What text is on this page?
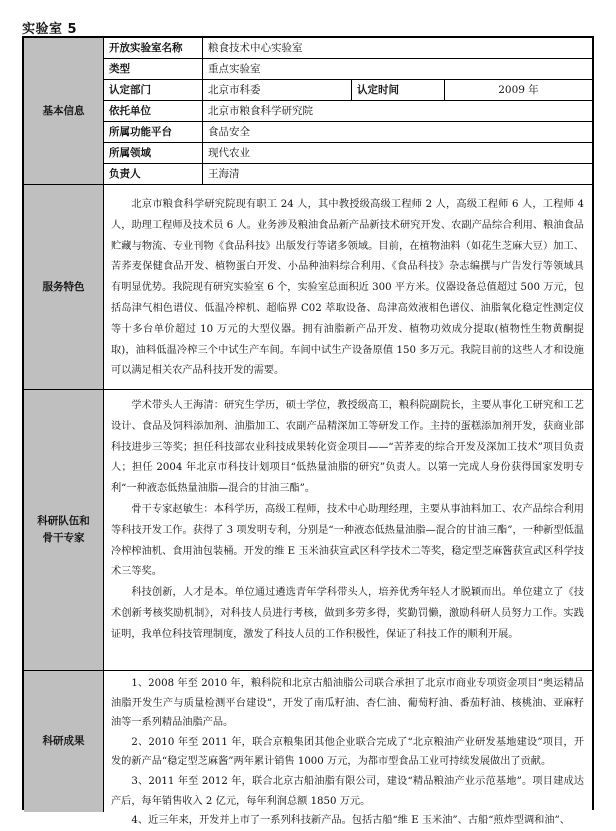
实验室 5
基本信息
开放实验室名称	粮食技术中心实验室
类型	重点实验室
认定部门	北京市科委	认定时间	2009 年
依托单位	北京市粮食科学研究院
所属功能平台	食品安全
所属领域	现代农业
负责人	王海清
服务特色

北京市粮食科学研究院现有职工 24 人，其中教授级高级工程师 2 人，高级工程师 6 人，工程师 4 人，助理工程师及技术员 6 人。业务涉及粮油食品新产品新技术研究开发、农副产品综合利用、粮油食品贮藏与物流、专业刊物《食品科技》出版发行等诸多领域。目前，在植物油料（如花生芝麻大豆）加工、苦荞麦保健食品开发、植物蛋白开发、小品种油料综合利用、《食品科技》杂志编撰与广告发行等领域具有明显优势。我院现有研究实验室 6 个，实验室总面积近 300 平方米。仪器设备总值超过 500 万元，包括岛津气相色谱仪、低温冷榨机、超临界 C02 萃取设备、岛津高效液相色谱仪、油脂氧化稳定性测定仪等十多台单价超过 10 万元的大型仪器。拥有油脂新产品开发、植物功效成分提取(植物性生物黄酮提取)，油料低温冷榨三个中试生产车间。车间中试生产设备原值 150 多万元。我院目前的这些人才和设施可以满足相关农产品科技开发的需要。

科研队伍和骨干专家

学术带头人王海清：研究生学历，硕士学位，教授级高工，粮科院副院长，主要从事化工研究和工艺设计、食品及饲料添加剂、油脂加工、农副产品精深加工等研发工作。主持的蛋糕添加剂开发，获商业部科技进步三等奖；担任科技部农业科技成果转化资金项目——“苦荞麦的综合开发及深加工技术”项目负责人；担任 2004 年北京市科技计划项目“低热量油脂的研究”负责人。以第一完成人身份获得国家发明专利“一种液态低热量油脂—混合的甘油三酯”。

骨干专家赵敏生：本科学历，高级工程师，技术中心助理经理，主要从事油料加工、农产品综合利用等科技开发工作。获得了 3 项发明专利，分别是“一种液态低热量油脂—混合的甘油三酯”，一种新型低温冷榨榨油机、食用油包装桶。开发的维 E 玉米油获宣武区科学技术二等奖，稳定型芝麻酱获宣武区科学技术三等奖。

科技创新，人才是本。单位通过遴选青年学科带头人，培养优秀年轻人才脱颖而出。单位建立了《技术创新考核奖励机制》，对科技人员进行考核，做到多劳多得，奖勤罚懒，激励科研人员努力工作。实践证明，我单位科技管理制度，激发了科技人员的工作积极性，保证了科技工作的顺利开展。

科研成果

1、2008 年至 2010 年，粮科院和北京古船油脂公司联合承担了北京市商业专项资金项目“奥运精品油脂开发生产与质量检测平台建设”，开发了南瓜籽油、杏仁油、葡萄籽油、番茄籽油、核桃油、亚麻籽油等一系列精品油脂产品。

2、2010 年至 2011 年，联合京粮集团其他企业联合完成了“北京粮油产业研发基地建设”项目，开发的新产品“稳定型芝麻酱”两年累计销售 1000 万元，为都市型食品工业可持续发展做出了贡献。

3、2011 年至 2012 年，联合北京古船油脂有限公司，建设“精品粮油产业示范基地”。项目建成达产后，每年销售收入 2 亿元，每年利润总额 1850 万元。

4、近三年来，开发并上市了一系列科技新产品。包括古船“维 E 玉米油”、古船“煎炸型调和油”、
